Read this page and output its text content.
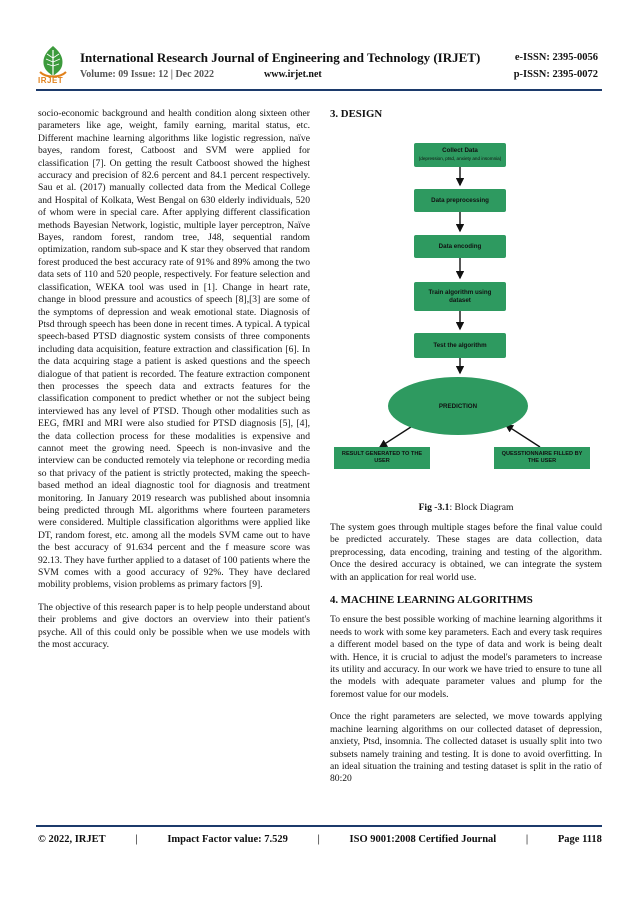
IRJET
International Research Journal of Engineering and Technology (IRJET)	e-ISSN: 2395-0056
Volume: 09 Issue: 12 | Dec 2022	www.irjet.net	p-ISSN: 2395-0072

socio-economic background and health condition along sixteen other parameters like age, weight, family earning, marital status, etc. Different machine learning algorithms like logistic regression, naïve bayes, random forest, Catboost and SVM were applied for classification [7]. On getting the result Catboost showed the highest accuracy and precision of 82.6 percent and 84.1 percent respectively. Sau et al. (2017) manually collected data from the Medical College and Hospital of Kolkata, West Bengal on 630 elderly individuals, 520 of whom were in special care. After applying different classification methods Bayesian Network, logistic, multiple layer perceptron, Naïve Bayes, random forest, random tree, J48, sequential random optimization, random sub-space and K star they observed that random forest produced the best accuracy rate of 91% and 89% among the two data sets of 110 and 520 people, respectively. For feature selection and classification, WEKA tool was used in [1]. Change in heart rate, change in blood pressure and acoustics of speech [8],[3] are some of the symptoms of depression and weak emotional state. Diagnosis of Ptsd through speech has been done in recent times. A typical. A typical speech-based PTSD diagnostic system consists of three components including data acquisition, feature extraction and classification [6]. In the data acquiring stage a patient is asked questions and the speech dialogue of that patient is recorded. The feature extraction component then processes the speech data and extracts features for the classification component to predict whether or not the subject being interviewed has any level of PTSD. Though other modalities such as EEG, fMRI and MRI were also studied for PTSD diagnosis [5], [4], the data collection process for these modalities is expensive and cannot meet the growing need. Speech is non-invasive and the interview can be conducted remotely via telephone or recording media so that privacy of the patient is strictly protected, making the speech-based method an ideal diagnostic tool for diagnosis and treatment monitoring. In January 2019 research was published about insomnia being predicted through ML algorithms where fourteen parameters were considered. Multiple classification algorithms were applied like DT, random forest, etc. among all the models SVM came out to have the best accuracy of 91.634 percent and the f measure score was 92.13. They have further applied to a dataset of 100 patients where the SVM comes with a good accuracy of 92%. They have declared mobility problems, vision problems as primary factors [9].

The objective of this research paper is to help people understand about their problems and give doctors an overview into their patient's psyche. All of this could only be possible when we use models with the most accuracy.

3. DESIGN
Collect Data
(depression, ptsd, anxiety and insomnia)
Data preprocessing
Data encoding
Train algorithm using dataset
Test the algorithm
PREDICTION
RESULT GENERATED TO THE USER
QUESSTIONNAIRE FILLED BY THE USER
Fig -3.1: Block Diagram

The system goes through multiple stages before the final value could be predicted accurately. These stages are data collection, data preprocessing, data encoding, training and testing of the algorithm. Once the desired accuracy is obtained, we can integrate the system with an application for real world use.

4. MACHINE LEARNING ALGORITHMS

To ensure the best possible working of machine learning algorithms it needs to work with some key parameters. Each and every task requires a different model based on the type of data and work is being dealt with. Hence, it is crucial to adjust the model's parameters to increase its utility and accuracy. In our work we have tried to ensure to tune all the models with adequate parameter values and plump for the foremost value for our models.

Once the right parameters are selected, we move towards applying machine learning algorithms on our collected dataset of depression, anxiety, Ptsd, insomnia. The collected dataset is usually split into two subsets namely training and testing. It is done to avoid overfitting. In an ideal situation the training and testing dataset is split in the ratio of 80:20

© 2022, IRJET	|	Impact Factor value: 7.529	|	ISO 9001:2008 Certified Journal	|	Page 1118
